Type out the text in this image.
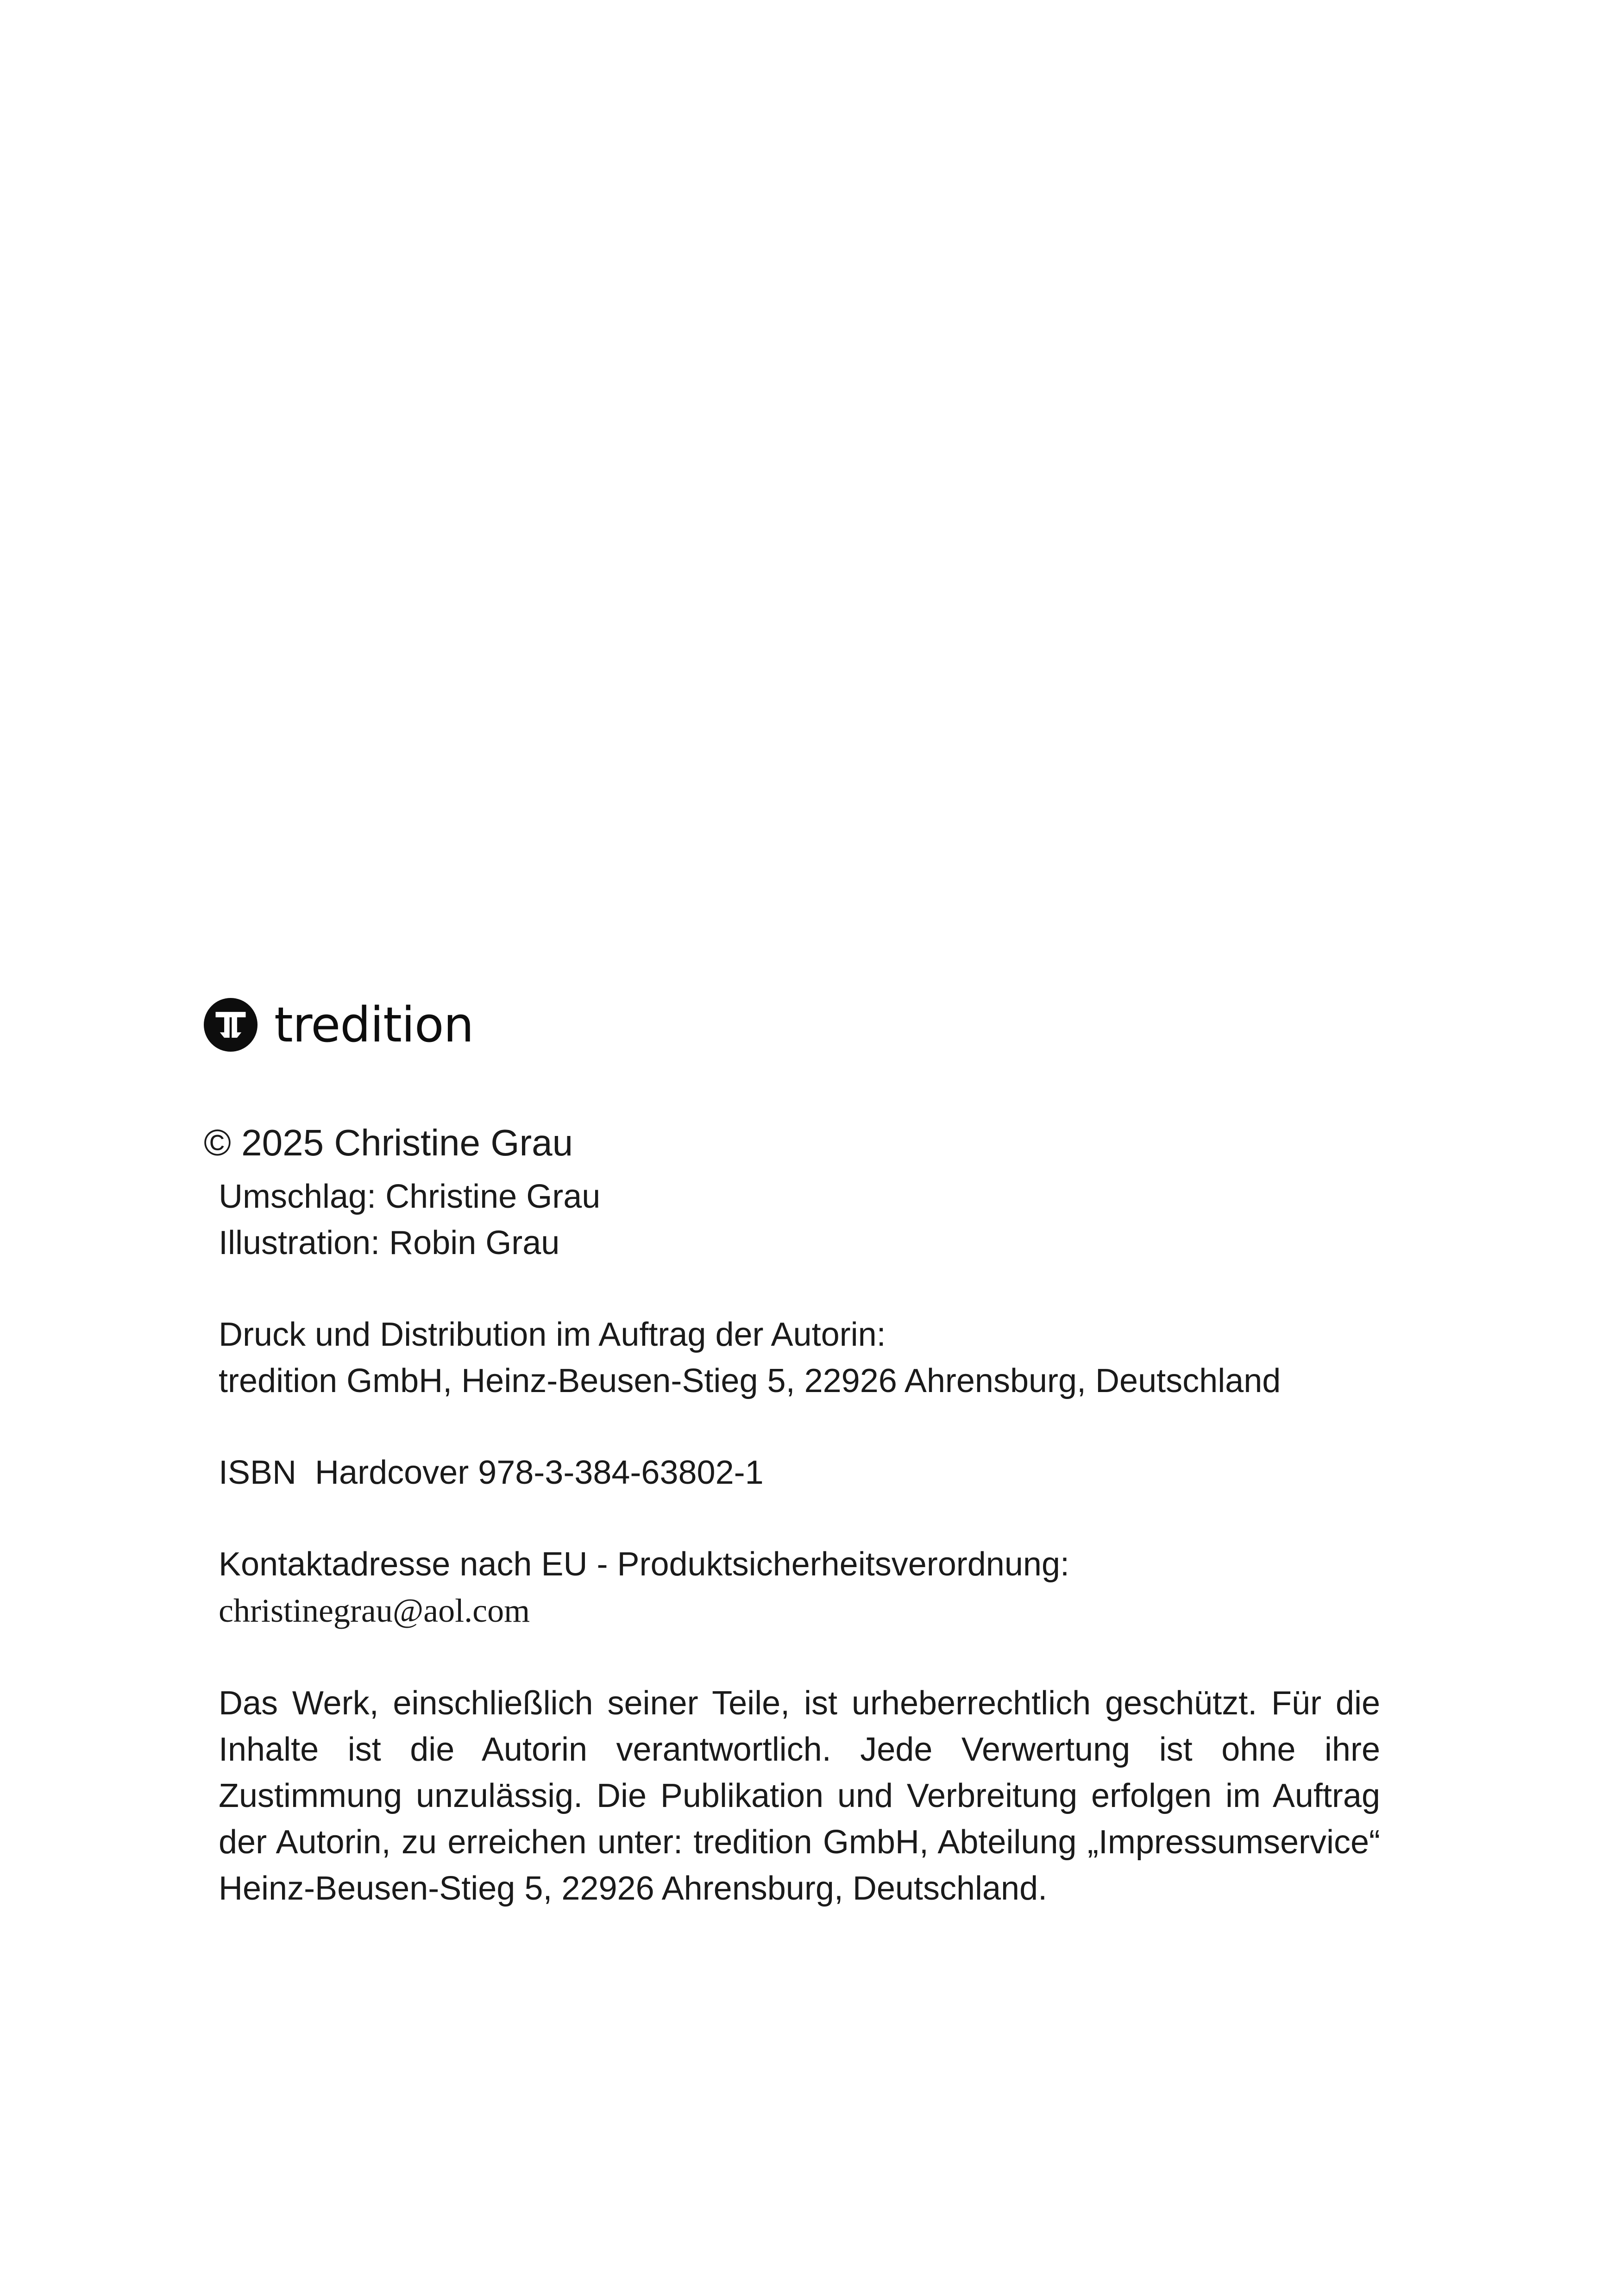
tredition
© 2025 Christine Grau
Umschlag: Christine Grau
Illustration: Robin Grau
Druck und Distribution im Auftrag der Autorin:
tredition GmbH, Heinz-Beusen-Stieg 5, 22926 Ahrensburg, Deutschland
ISBN Hardcover 978-3-384-63802-1
Kontaktadresse nach EU - Produktsicherheitsverordnung:
christinegrau@aol.com
Das Werk, einschließlich seiner Teile, ist urheberrechtlich geschützt. Für die Inhalte ist die Autorin verantwortlich. Jede Verwertung ist ohne ihre Zustimmung unzulässig. Die Publikation und Verbreitung erfolgen im Auftrag der Autorin, zu erreichen unter: tredition GmbH, Abteilung „Impressumservice“ Heinz-Beusen-Stieg 5, 22926 Ahrensburg, Deutschland.
